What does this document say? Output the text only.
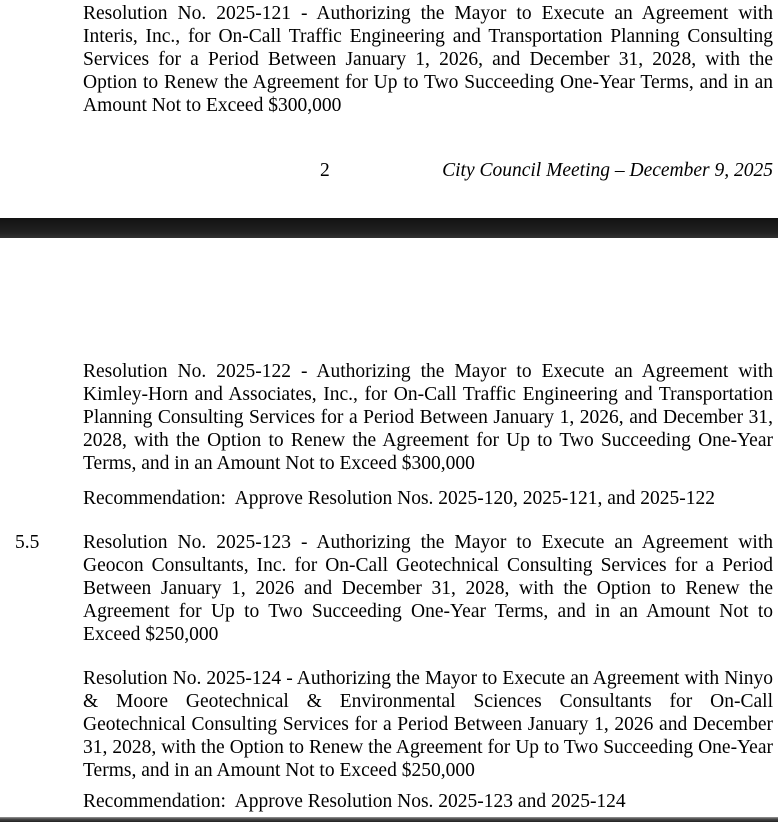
Resolution No. 2025-121 - Authorizing the Mayor to Execute an Agreement with Interis, Inc., for On-Call Traffic Engineering and Transportation Planning Consulting Services for a Period Between January 1, 2026, and December 31, 2028, with the Option to Renew the Agreement for Up to Two Succeeding One-Year Terms, and in an Amount Not to Exceed $300,000

2	City Council Meeting – December 9, 2025

Resolution No. 2025-122 - Authorizing the Mayor to Execute an Agreement with Kimley-Horn and Associates, Inc., for On-Call Traffic Engineering and Transportation Planning Consulting Services for a Period Between January 1, 2026, and December 31, 2028, with the Option to Renew the Agreement for Up to Two Succeeding One-Year Terms, and in an Amount Not to Exceed $300,000

Recommendation:  Approve Resolution Nos. 2025-120, 2025-121, and 2025-122

5.5 Resolution No. 2025-123 - Authorizing the Mayor to Execute an Agreement with Geocon Consultants, Inc. for On-Call Geotechnical Consulting Services for a Period Between January 1, 2026 and December 31, 2028, with the Option to Renew the Agreement for Up to Two Succeeding One-Year Terms, and in an Amount Not to Exceed $250,000

Resolution No. 2025-124 - Authorizing the Mayor to Execute an Agreement with Ninyo & Moore Geotechnical & Environmental Sciences Consultants for On-Call Geotechnical Consulting Services for a Period Between January 1, 2026 and December 31, 2028, with the Option to Renew the Agreement for Up to Two Succeeding One-Year Terms, and in an Amount Not to Exceed $250,000

Recommendation:  Approve Resolution Nos. 2025-123 and 2025-124
